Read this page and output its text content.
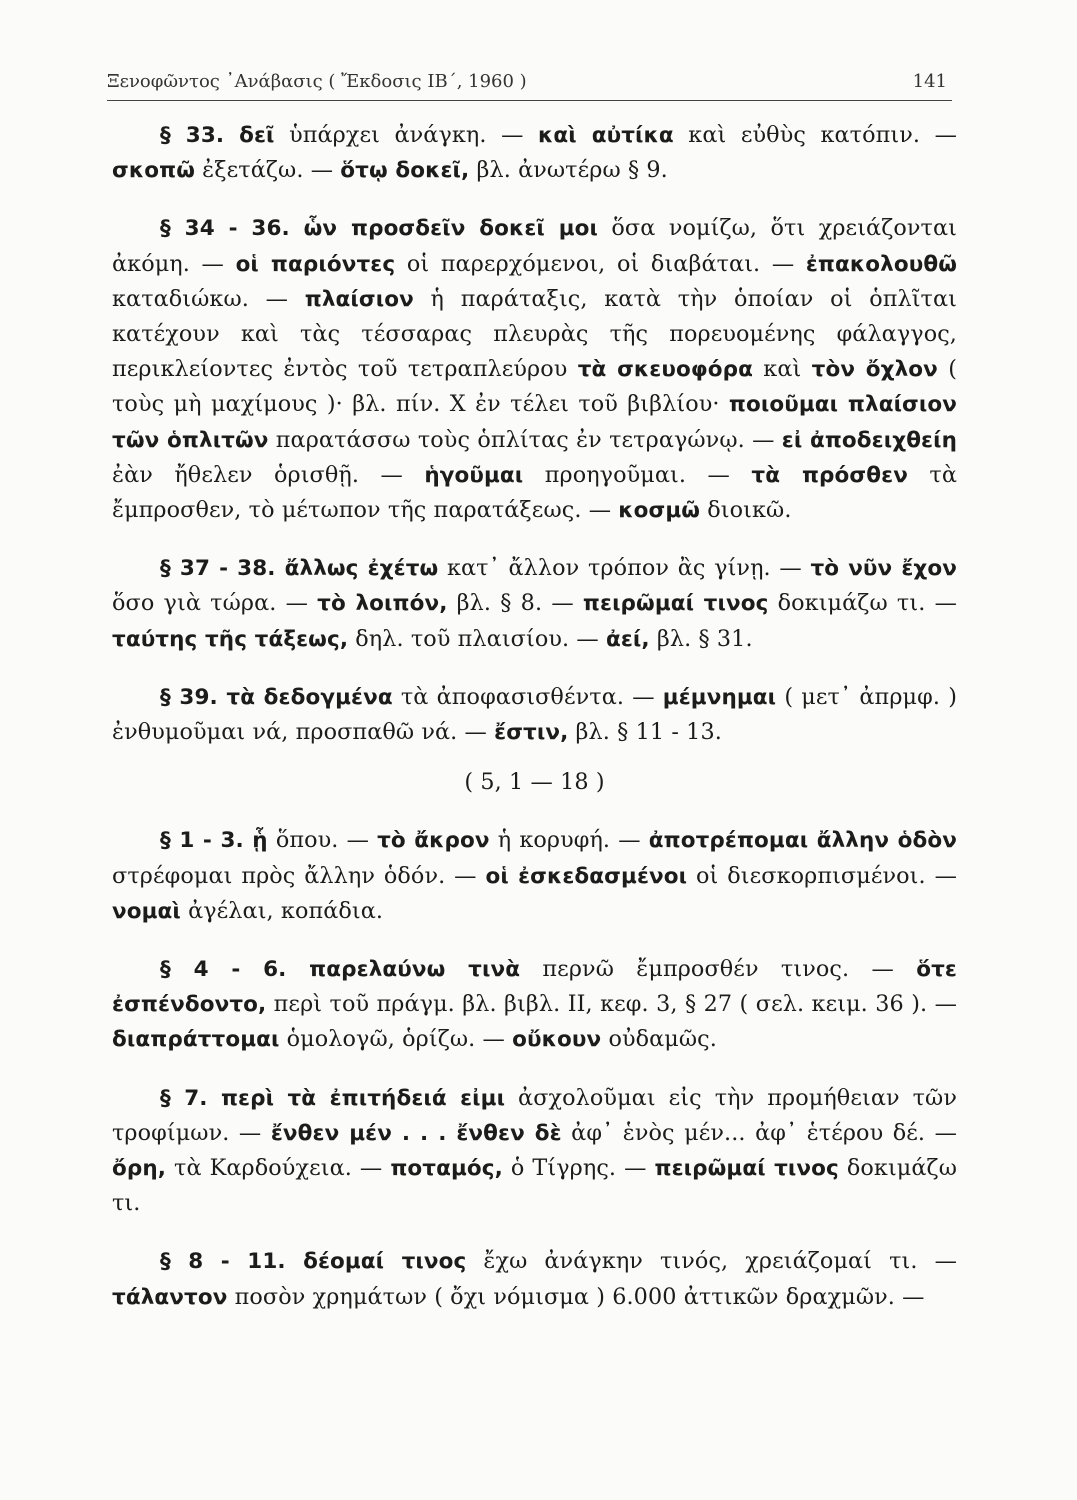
Ξενοφῶντος ᾿Ανάβασις ( Ἔκδοσις ΙΒ΄, 1960 )	141
§ 33. δεῖ ὑπάρχει ἀνάγκη. — καὶ αὐτίκα καὶ εὐθὺς κατόπιν. — σκοπῶ ἐξετάζω. — ὅτῳ δοκεῖ, βλ. ἀνωτέρω § 9.
§ 34 - 36. ὧν προσδεῖν δοκεῖ μοι ὅσα νομίζω, ὅτι χρειάζονται ἀκόμη. — οἱ παριόντες οἱ παρερχόμενοι, οἱ διαβάται. — ἐπακολουθῶ καταδιώκω. — πλαίσιον ἡ παράταξις, κατὰ τὴν ὁποίαν οἱ ὁπλῖται κατέχουν καὶ τὰς τέσσαρας πλευρὰς τῆς πορευομένης φάλαγγος, περικλείοντες ἐντὸς τοῦ τετραπλεύρου τὰ σκευοφόρα καὶ τὸν ὄχλον ( τοὺς μὴ μαχίμους )· βλ. πίν. Χ ἐν τέλει τοῦ βιβλίου· ποιοῦμαι πλαίσιον τῶν ὁπλιτῶν παρατάσσω τοὺς ὁπλίτας ἐν τετραγώνῳ. — εἰ ἀποδειχθείη ἐὰν ἤθελεν ὁρισθῇ. — ἡγοῦμαι προηγοῦμαι. — τὰ πρόσθεν τὰ ἔμπροσθεν, τὸ μέτωπον τῆς παρατάξεως. — κοσμῶ διοικῶ.
§ 37 - 38. ἄλλως ἐχέτω κατ᾿ ἄλλον τρόπον ἂς γίνῃ. — τὸ νῦν ἔχον ὅσο γιὰ τώρα. — τὸ λοιπόν, βλ. § 8. — πειρῶμαί τινος δοκιμάζω τι. — ταύτης τῆς τάξεως, δηλ. τοῦ πλαισίου. — ἀεί, βλ. § 31.
§ 39. τὰ δεδογμένα τὰ ἀποφασισθέντα. — μέμνημαι ( μετ᾿ ἀπρμφ. ) ἐνθυμοῦμαι νά, προσπαθῶ νά. — ἔστιν, βλ. § 11 - 13.
( 5, 1 — 18 )
§ 1 - 3. ᾗ ὅπου. — τὸ ἄκρον ἡ κορυφή. — ἀποτρέπομαι ἄλλην ὁδὸν στρέφομαι πρὸς ἄλλην ὁδόν. — οἱ ἐσκεδασμένοι οἱ διεσκορπισμένοι. — νομαὶ ἀγέλαι, κοπάδια.
§ 4 - 6. παρελαύνω τινὰ περνῶ ἔμπροσθέν τινος. — ὅτε ἐσπένδοντο, περὶ τοῦ πράγμ. βλ. βιβλ. ΙΙ, κεφ. 3, § 27 ( σελ. κειμ. 36 ). — διαπράττομαι ὁμολογῶ, ὁρίζω. — οὔκουν οὐδαμῶς.
§ 7. περὶ τὰ ἐπιτήδειά εἰμι ἀσχολοῦμαι εἰς τὴν προμήθειαν τῶν τροφίμων. — ἔνθεν μέν . . . ἔνθεν δὲ ἀφ᾿ ἑνὸς μέν... ἀφ᾿ ἑτέρου δέ. — ὄρη, τὰ Καρδούχεια. — ποταμός, ὁ Τίγρης. — πειρῶμαί τινος δοκιμάζω τι.
§ 8 - 11. δέομαί τινος ἔχω ἀνάγκην τινός, χρειάζομαί τι. — τάλαντον ποσὸν χρημάτων ( ὄχι νόμισμα ) 6.000 ἀττικῶν δραχμῶν. —
